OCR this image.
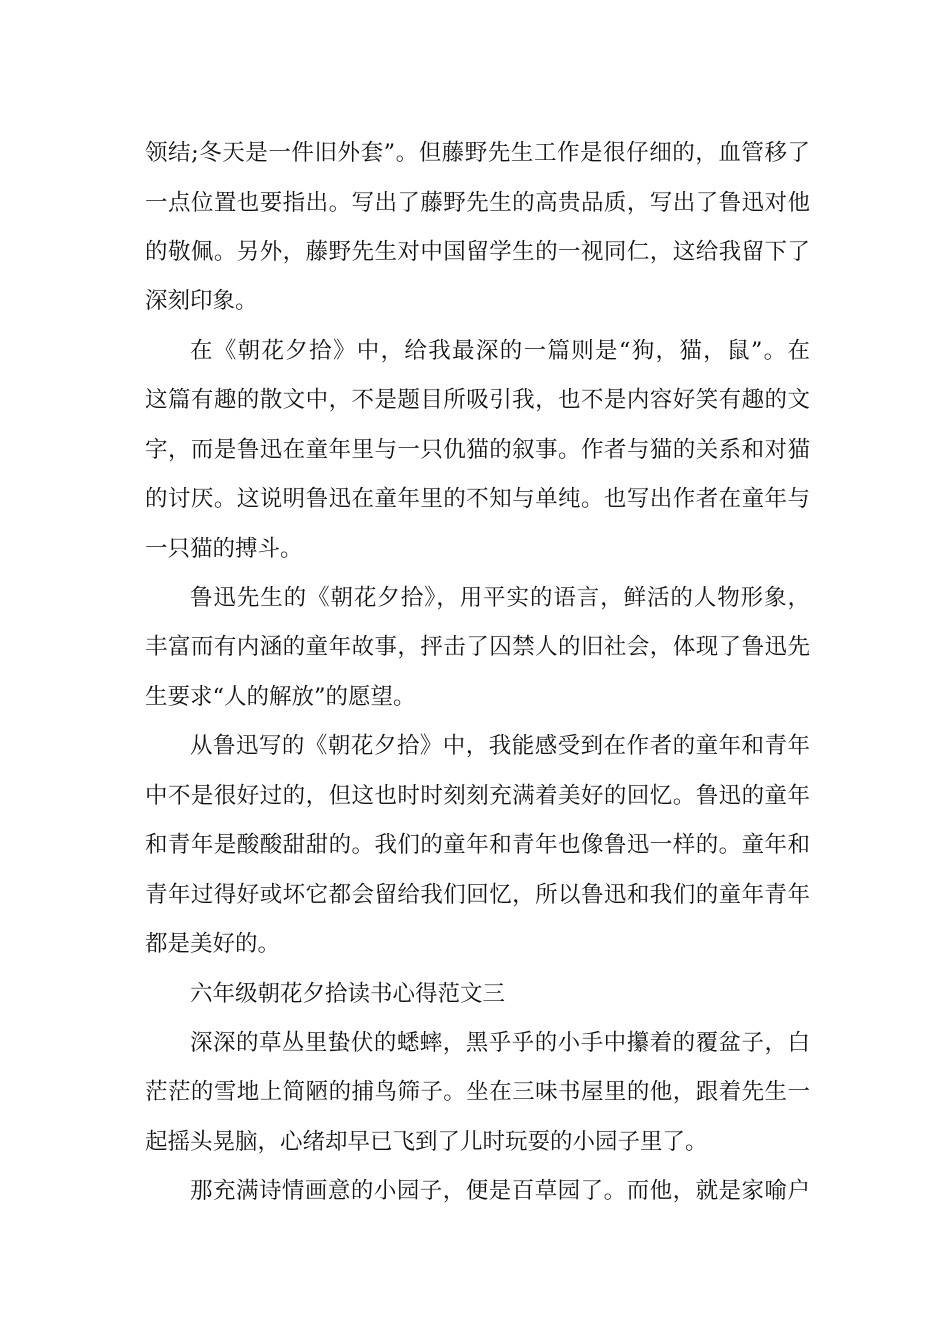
领结;冬天是一件旧外套”。但藤野先生工作是很仔细的，血管移了
一点位置也要指出。写出了藤野先生的高贵品质，写出了鲁迅对他
的敬佩。另外，藤野先生对中国留学生的一视同仁，这给我留下了
深刻印象。
在《朝花夕拾》中，给我最深的一篇则是“狗，猫，鼠”。在
这篇有趣的散文中，不是题目所吸引我，也不是内容好笑有趣的文
字，而是鲁迅在童年里与一只仇猫的叙事。作者与猫的关系和对猫
的讨厌。这说明鲁迅在童年里的不知与单纯。也写出作者在童年与
一只猫的搏斗。
鲁迅先生的《朝花夕拾》，用平实的语言，鲜活的人物形象，
丰富而有内涵的童年故事，抨击了囚禁人的旧社会，体现了鲁迅先
生要求“人的解放”的愿望。
从鲁迅写的《朝花夕拾》中，我能感受到在作者的童年和青年
中不是很好过的，但这也时时刻刻充满着美好的回忆。鲁迅的童年
和青年是酸酸甜甜的。我们的童年和青年也像鲁迅一样的。童年和
青年过得好或坏它都会留给我们回忆，所以鲁迅和我们的童年青年
都是美好的。
六年级朝花夕拾读书心得范文三
深深的草丛里蛰伏的蟋蟀，黑乎乎的小手中攥着的覆盆子，白
茫茫的雪地上简陋的捕鸟筛子。坐在三味书屋里的他，跟着先生一
起摇头晃脑，心绪却早已飞到了儿时玩耍的小园子里了。
那充满诗情画意的小园子，便是百草园了。而他，就是家喻户
